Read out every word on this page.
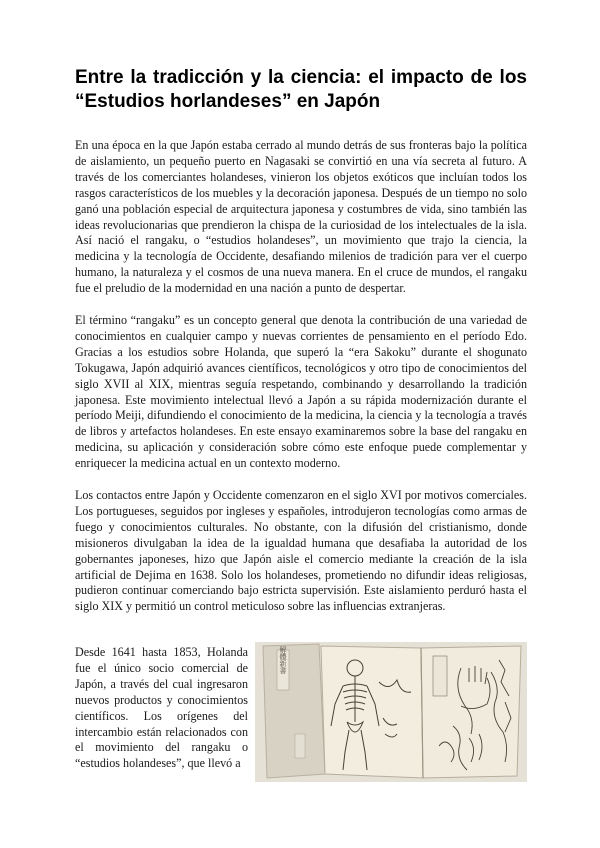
Entre la tradicción y la ciencia: el impacto de los “Estudios horlandeses” en Japón

En una época en la que Japón estaba cerrado al mundo detrás de sus fronteras bajo la política de aislamiento, un pequeño puerto en Nagasaki se convirtió en una vía secreta al futuro. A través de los comerciantes holandeses, vinieron los objetos exóticos que incluían todos los rasgos característicos de los muebles y la decoración japonesa. Después de un tiempo no solo ganó una población especial de arquitectura japonesa y costumbres de vida, sino también las ideas revolucionarias que prendieron la chispa de la curiosidad de los intelectuales de la isla. Así nació el rangaku, o “estudios holandeses”, un movimiento que trajo la ciencia, la medicina y la tecnología de Occidente, desafiando milenios de tradición para ver el cuerpo humano, la naturaleza y el cosmos de una nueva manera. En el cruce de mundos, el rangaku fue el preludio de la modernidad en una nación a punto de despertar.

El término “rangaku” es un concepto general que denota la contribución de una variedad de conocimientos en cualquier campo y nuevas corrientes de pensamiento en el período Edo. Gracias a los estudios sobre Holanda, que superó la “era Sakoku” durante el shogunato Tokugawa, Japón adquirió avances científicos, tecnológicos y otro tipo de conocimientos del siglo XVII al XIX, mientras seguía respetando, combinando y desarrollando la tradición japonesa. Este movimiento intelectual llevó a Japón a su rápida modernización durante el período Meiji, difundiendo el conocimiento de la medicina, la ciencia y la tecnología a través de libros y artefactos holandeses. En este ensayo examinaremos sobre la base del rangaku en medicina, su aplicación y consideración sobre cómo este enfoque puede complementar y enriquecer la medicina actual en un contexto moderno.

Los contactos entre Japón y Occidente comenzaron en el siglo XVI por motivos comerciales. Los portugueses, seguidos por ingleses y españoles, introdujeron tecnologías como armas de fuego y conocimientos culturales. No obstante, con la difusión del cristianismo, donde misioneros divulgaban la idea de la igualdad humana que desafiaba la autoridad de los gobernantes japoneses, hizo que Japón aisle el comercio mediante la creación de la isla artificial de Dejima en 1638. Solo los holandeses, prometiendo no difundir ideas religiosas, pudieron continuar comerciando bajo estricta supervisión. Este aislamiento perduró hasta el siglo XIX y permitió un control meticuloso sobre las influencias extranjeras.

Desde 1641 hasta 1853, Holanda fue el único socio comercial de Japón, a través del cual ingresaron nuevos productos y conocimientos científicos. Los orígenes del intercambio están relacionados con el movimiento del rangaku o “estudios holandeses”, que llevó a

解體新書
